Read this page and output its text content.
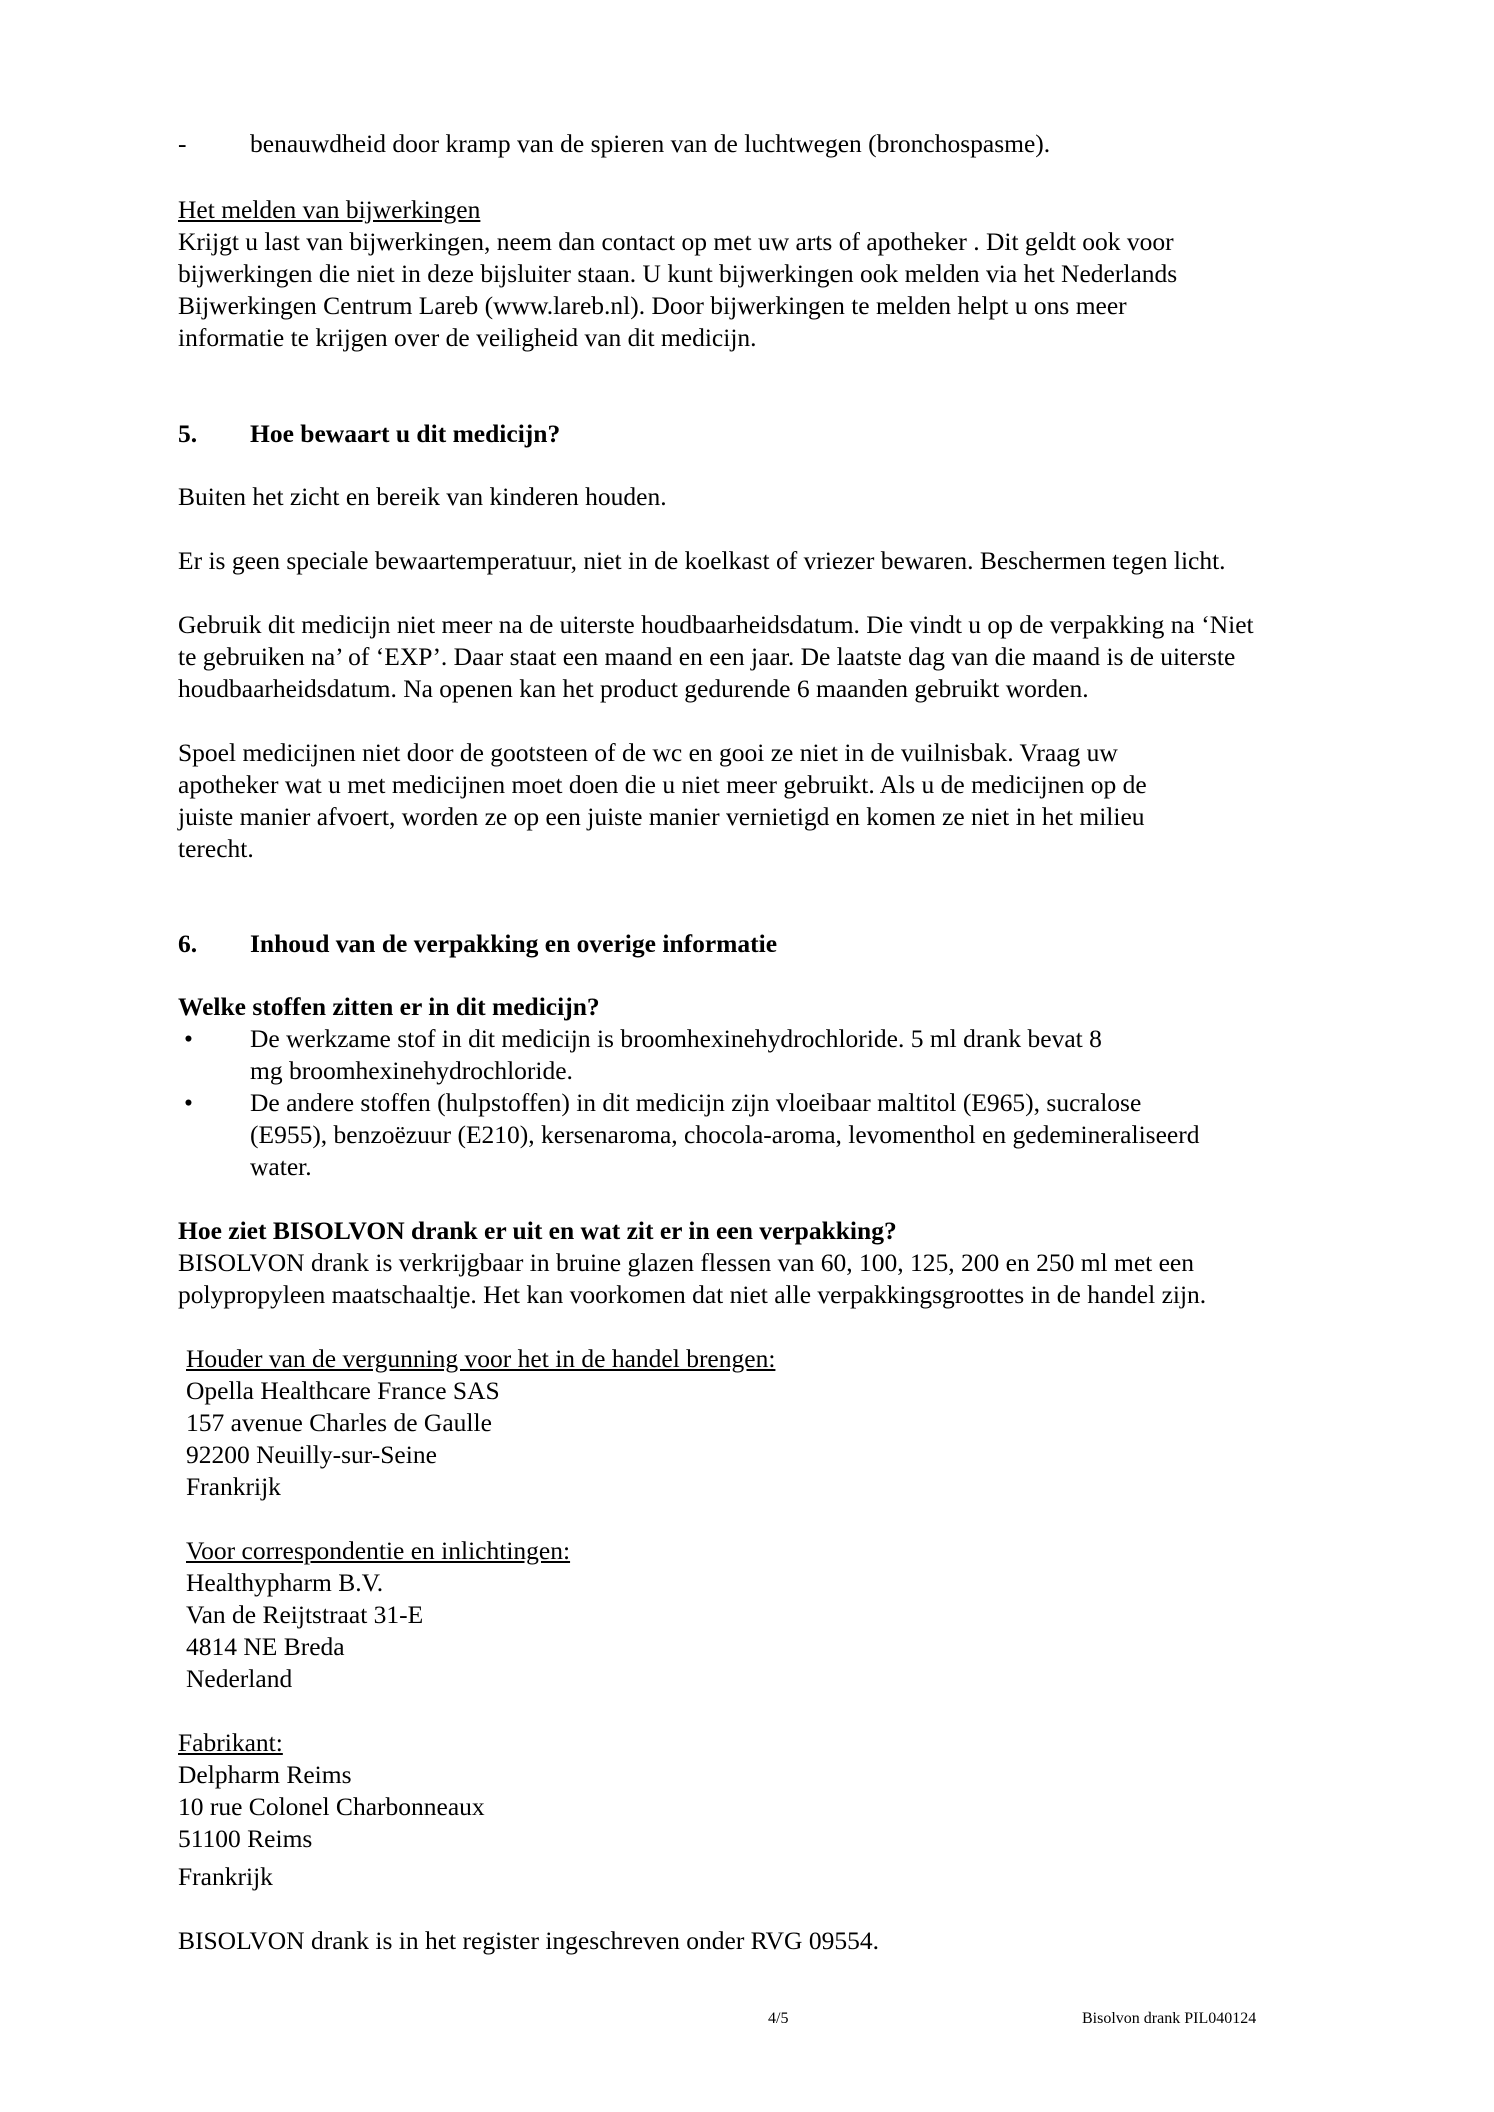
- benauwdheid door kramp van de spieren van de luchtwegen (bronchospasme).
Het melden van bijwerkingen
Krijgt u last van bijwerkingen, neem dan contact op met uw arts of apotheker . Dit geldt ook voor
bijwerkingen die niet in deze bijsluiter staan. U kunt bijwerkingen ook melden via het Nederlands
Bijwerkingen Centrum Lareb (www.lareb.nl). Door bijwerkingen te melden helpt u ons meer
informatie te krijgen over de veiligheid van dit medicijn.
5. Hoe bewaart u dit medicijn?
Buiten het zicht en bereik van kinderen houden.
Er is geen speciale bewaartemperatuur, niet in de koelkast of vriezer bewaren. Beschermen tegen licht.
Gebruik dit medicijn niet meer na de uiterste houdbaarheidsdatum. Die vindt u op de verpakking na ‘Niet
te gebruiken na’ of ‘EXP’. Daar staat een maand en een jaar. De laatste dag van die maand is de uiterste
houdbaarheidsdatum. Na openen kan het product gedurende 6 maanden gebruikt worden.
Spoel medicijnen niet door de gootsteen of de wc en gooi ze niet in de vuilnisbak. Vraag uw
apotheker wat u met medicijnen moet doen die u niet meer gebruikt. Als u de medicijnen op de
juiste manier afvoert, worden ze op een juiste manier vernietigd en komen ze niet in het milieu
terecht.
6. Inhoud van de verpakking en overige informatie
Welke stoffen zitten er in dit medicijn?
• De werkzame stof in dit medicijn is broomhexinehydrochloride. 5 ml drank bevat 8
mg broomhexinehydrochloride.
• De andere stoffen (hulpstoffen) in dit medicijn zijn vloeibaar maltitol (E965), sucralose
(E955), benzoëzuur (E210), kersenaroma, chocola-aroma, levomenthol en gedemineraliseerd
water.
Hoe ziet BISOLVON drank er uit en wat zit er in een verpakking?
BISOLVON drank is verkrijgbaar in bruine glazen flessen van 60, 100, 125, 200 en 250 ml met een
polypropyleen maatschaaltje. Het kan voorkomen dat niet alle verpakkingsgroottes in de handel zijn.
Houder van de vergunning voor het in de handel brengen:
Opella Healthcare France SAS
157 avenue Charles de Gaulle
92200 Neuilly-sur-Seine
Frankrijk
Voor correspondentie en inlichtingen:
Healthypharm B.V.
Van de Reijtstraat 31-E
4814 NE Breda
Nederland
Fabrikant:
Delpharm Reims
10 rue Colonel Charbonneaux
51100 Reims
Frankrijk
BISOLVON drank is in het register ingeschreven onder RVG 09554.
4/5	Bisolvon drank PIL040124
